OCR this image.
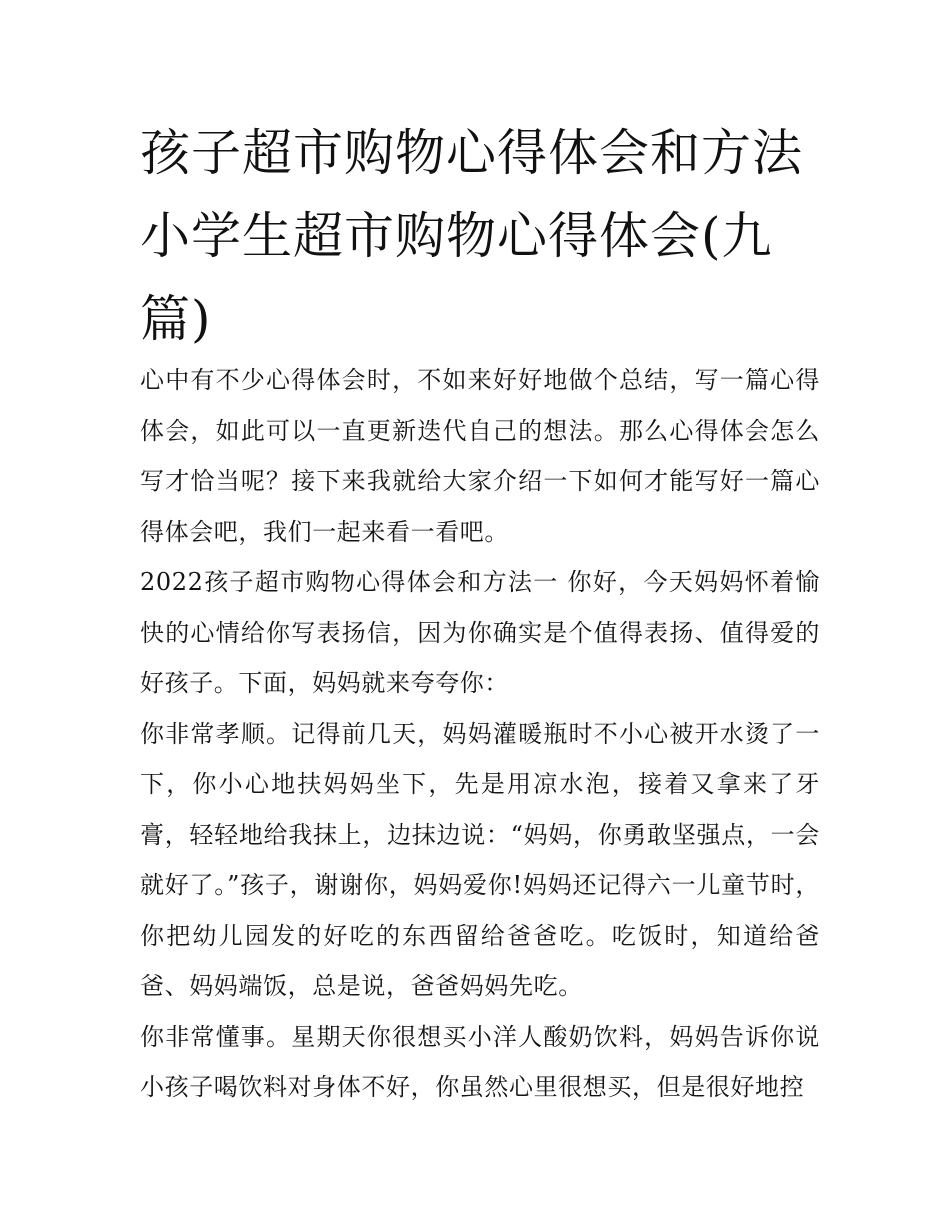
孩子超市购物心得体会和方法小学生超市购物心得体会(九篇)

心中有不少心得体会时，不如来好好地做个总结，写一篇心得体会，如此可以一直更新迭代自己的想法。那么心得体会怎么写才恰当呢？接下来我就给大家介绍一下如何才能写好一篇心得体会吧，我们一起来看一看吧。

2022孩子超市购物心得体会和方法一 你好，今天妈妈怀着愉快的心情给你写表扬信，因为你确实是个值得表扬、值得爱的好孩子。下面，妈妈就来夸夸你：

你非常孝顺。记得前几天，妈妈灌暖瓶时不小心被开水烫了一下，你小心地扶妈妈坐下，先是用凉水泡，接着又拿来了牙膏，轻轻地给我抹上，边抹边说：“妈妈，你勇敢坚强点，一会就好了。”孩子，谢谢你，妈妈爱你!妈妈还记得六一儿童节时，你把幼儿园发的好吃的东西留给爸爸吃。吃饭时，知道给爸爸、妈妈端饭，总是说，爸爸妈妈先吃。

你非常懂事。星期天你很想买小洋人酸奶饮料，妈妈告诉你说小孩子喝饮料对身体不好，你虽然心里很想买，但是很好地控
